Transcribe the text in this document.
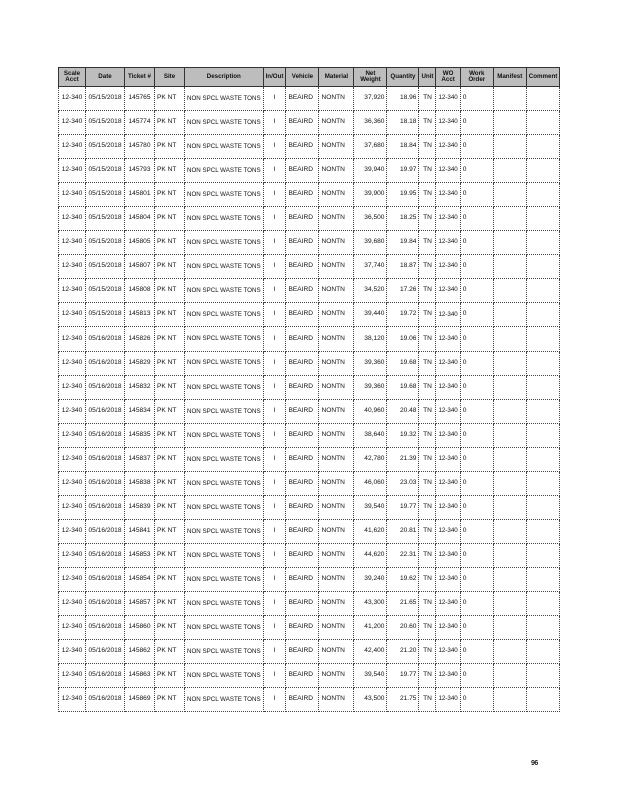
Scale Acct	Date	Ticket #	Site	Description	In/Out	Vehicle	Material	Net Weight	Quantity	Unit	WO Acct	Work Order	Manifest	Comment
12-340	05/15/2018	145765	PK NT	NON SPCL WASTE TONS	I	BEAIRD	NONTN	37,920	18.96	TN	12-340	0		
12-340	05/15/2018	145774	PK NT	NON SPCL WASTE TONS	I	BEAIRD	NONTN	36,360	18.18	TN	12-340	0		
12-340	05/15/2018	145780	PK NT	NON SPCL WASTE TONS	I	BEAIRD	NONTN	37,680	18.84	TN	12-340	0		
12-340	05/15/2018	145793	PK NT	NON SPCL WASTE TONS	I	BEAIRD	NONTN	39,940	19.97	TN	12-340	0		
12-340	05/15/2018	145801	PK NT	NON SPCL WASTE TONS	I	BEAIRD	NONTN	39,900	19.95	TN	12-340	0		
12-340	05/15/2018	145804	PK NT	NON SPCL WASTE TONS	I	BEAIRD	NONTN	36,500	18.25	TN	12-340	0		
12-340	05/15/2018	145805	PK NT	NON SPCL WASTE TONS	I	BEAIRD	NONTN	39,680	19.84	TN	12-340	0		
12-340	05/15/2018	145807	PK NT	NON SPCL WASTE TONS	I	BEAIRD	NONTN	37,740	18.87	TN	12-340	0		
12-340	05/15/2018	145808	PK NT	NON SPCL WASTE TONS	I	BEAIRD	NONTN	34,520	17.26	TN	12-340	0		
12-340	05/15/2018	145813	PK NT	NON SPCL WASTE TONS	I	BEAIRD	NONTN	39,440	19.72	TN	12-340	0		
12-340	05/16/2018	145826	PK NT	NON SPCL WASTE TONS	I	BEAIRD	NONTN	38,120	19.06	TN	12-340	0		
12-340	05/16/2018	145829	PK NT	NON SPCL WASTE TONS	I	BEAIRD	NONTN	39,360	19.68	TN	12-340	0		
12-340	05/16/2018	145832	PK NT	NON SPCL WASTE TONS	I	BEAIRD	NONTN	39,360	19.68	TN	12-340	0		
12-340	05/16/2018	145834	PK NT	NON SPCL WASTE TONS	I	BEAIRD	NONTN	40,960	20.48	TN	12-340	0		
12-340	05/16/2018	145835	PK NT	NON SPCL WASTE TONS	I	BEAIRD	NONTN	38,640	19.32	TN	12-340	0		
12-340	05/16/2018	145837	PK NT	NON SPCL WASTE TONS	I	BEAIRD	NONTN	42,780	21.39	TN	12-340	0		
12-340	05/16/2018	145838	PK NT	NON SPCL WASTE TONS	I	BEAIRD	NONTN	46,060	23.03	TN	12-340	0		
12-340	05/16/2018	145839	PK NT	NON SPCL WASTE TONS	I	BEAIRD	NONTN	39,540	19.77	TN	12-340	0		
12-340	05/16/2018	145841	PK NT	NON SPCL WASTE TONS	I	BEAIRD	NONTN	41,620	20.81	TN	12-340	0		
12-340	05/16/2018	145853	PK NT	NON SPCL WASTE TONS	I	BEAIRD	NONTN	44,620	22.31	TN	12-340	0		
12-340	05/16/2018	145854	PK NT	NON SPCL WASTE TONS	I	BEAIRD	NONTN	39,240	19.62	TN	12-340	0		
12-340	05/16/2018	145857	PK NT	NON SPCL WASTE TONS	I	BEAIRD	NONTN	43,300	21.65	TN	12-340	0		
12-340	05/16/2018	145860	PK NT	NON SPCL WASTE TONS	I	BEAIRD	NONTN	41,200	20.60	TN	12-340	0		
12-340	05/16/2018	145862	PK NT	NON SPCL WASTE TONS	I	BEAIRD	NONTN	42,400	21.20	TN	12-340	0		
12-340	05/16/2018	145863	PK NT	NON SPCL WASTE TONS	I	BEAIRD	NONTN	39,540	19.77	TN	12-340	0		
12-340	05/16/2018	145869	PK NT	NON SPCL WASTE TONS	I	BEAIRD	NONTN	43,500	21.75	TN	12-340	0		
96
